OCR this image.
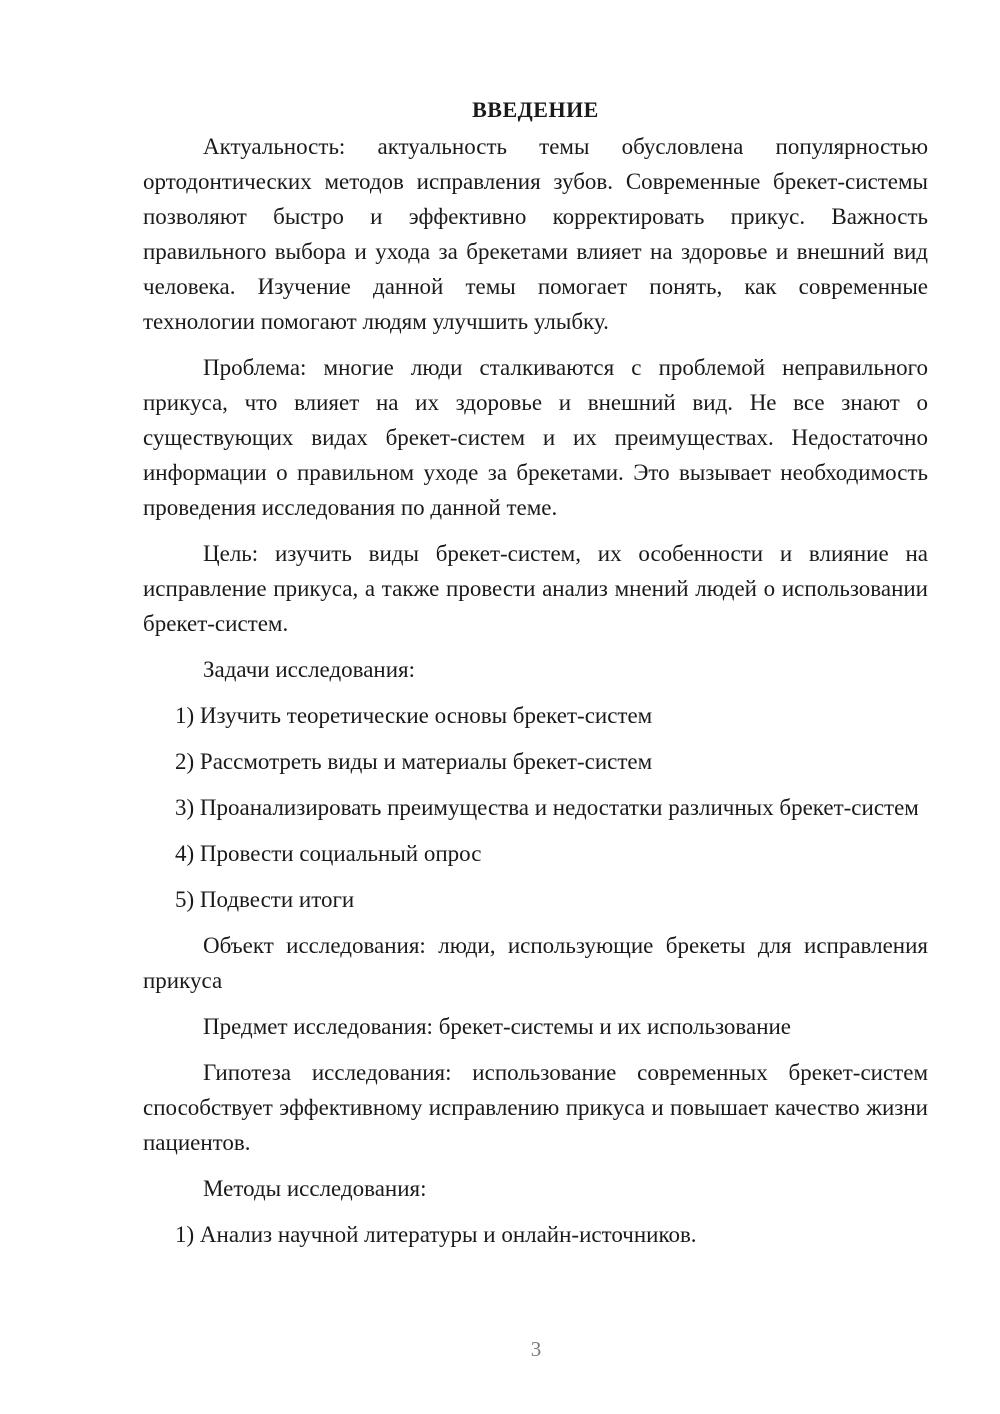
ВВЕДЕНИЕ
Актуальность: актуальность темы обусловлена популярностью ортодонтических методов исправления зубов. Современные брекет-системы позволяют быстро и эффективно корректировать прикус. Важность правильного выбора и ухода за брекетами влияет на здоровье и внешний вид человека. Изучение данной темы помогает понять, как современные технологии помогают людям улучшить улыбку.
Проблема: многие люди сталкиваются с проблемой неправильного прикуса, что влияет на их здоровье и внешний вид. Не все знают о существующих видах брекет-систем и их преимуществах. Недостаточно информации о правильном уходе за брекетами. Это вызывает необходимость проведения исследования по данной теме.
Цель: изучить виды брекет-систем, их особенности и влияние на исправление прикуса, а также провести анализ мнений людей о использовании брекет-систем.
Задачи исследования:
1) Изучить теоретические основы брекет-систем
2) Рассмотреть виды и материалы брекет-систем
3) Проанализировать преимущества и недостатки различных брекет-систем
4) Провести социальный опрос
5) Подвести итоги
Объект исследования: люди, использующие брекеты для исправления прикуса
Предмет исследования: брекет-системы и их использование
Гипотеза исследования: использование современных брекет-систем способствует эффективному исправлению прикуса и повышает качество жизни пациентов.
Методы исследования:
1) Анализ научной литературы и онлайн-источников.
3
